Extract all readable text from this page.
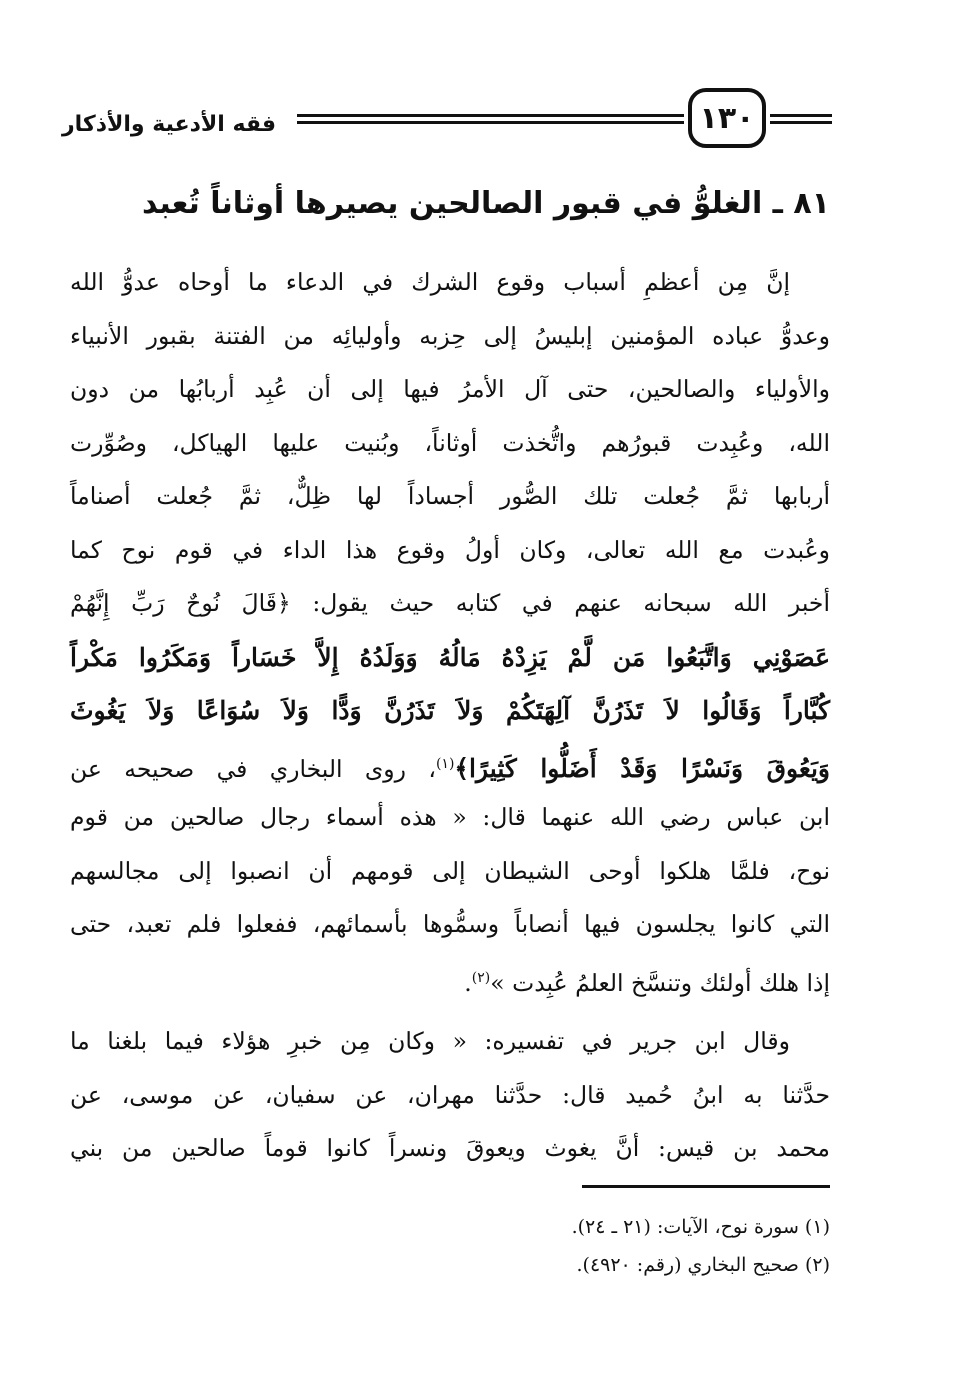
١٣٠
فقه الأدعية والأذكار
٨١ ـ الغلوُّ في قبور الصالحين يصيرها أوثاناً تُعبد

إنَّ مِن أعظمِ أسباب وقوع الشرك في الدعاء ما أوحاه عدوُّ الله
وعدوُّ عباده المؤمنين إبليسُ إلى حِزبه وأوليائِه من الفتنة بقبور الأنبياء
والأولياء والصالحين، حتى آل الأمرُ فيها إلى أن عُبِد أربابُها من دون
الله، وعُبِدت قبورُهم واتُّخذت أوثاناً، وبُنيت عليها الهياكل، وصُوِّرت
أربابها ثمَّ جُعلت تلك الصُّور أجساداً لها ظِلٌّ، ثمَّ جُعلت أصناماً
وعُبدت مع الله تعالى، وكان أولُ وقوع هذا الداء في قوم نوح كما
أخبر الله سبحانه عنهم في كتابه حيث يقول: ﴿قَالَ نُوحٌ رَبِّ إِنَّهُمْ
عَصَوْنِي وَاتَّبَعُوا مَن لَّمْ يَزِدْهُ مَالُهُ وَوَلَدُهُ إِلاَّ خَسَاراً وَمَكَرُوا مَكْراً
كُبَّاراً وَقَالُوا لاَ تَذَرُنَّ آلِهَتَكُمْ وَلاَ تَذَرُنَّ وَدًّا وَلاَ سُوَاعًا وَلاَ يَغُوثَ
وَيَعُوقَ وَنَسْرًا وَقَدْ أَضَلُّوا كَثِيرًا﴾$^{(١)}$، روى البخاري في صحيحه عن
ابن عباس رضي الله عنهما قال: « هذه أسماء رجال صالحين من قوم
نوح، فلمَّا هلكوا أوحى الشيطان إلى قومهم أن انصبوا إلى مجالسهم
التي كانوا يجلسون فيها أنصاباً وسمُّوها بأسمائهم، ففعلوا فلم تعبد، حتى
إذا هلك أولئك وتنسَّخ العلمُ عُبِدت »$^{(٢)}$.

وقال ابن جرير في تفسيره: « وكان مِن خبرِ هؤلاء فيما بلغنا ما
حدَّثنا به ابنُ حُميد قال: حدَّثنا مهران، عن سفيان، عن موسى، عن
محمد بن قيس: أنَّ يغوث ويعوقَ ونسراً كانوا قوماً صالحين من بني

(١) سورة نوح، الآيات: (٢١ ـ ٢٤).
(٢) صحيح البخاري (رقم: ٤٩٢٠).
